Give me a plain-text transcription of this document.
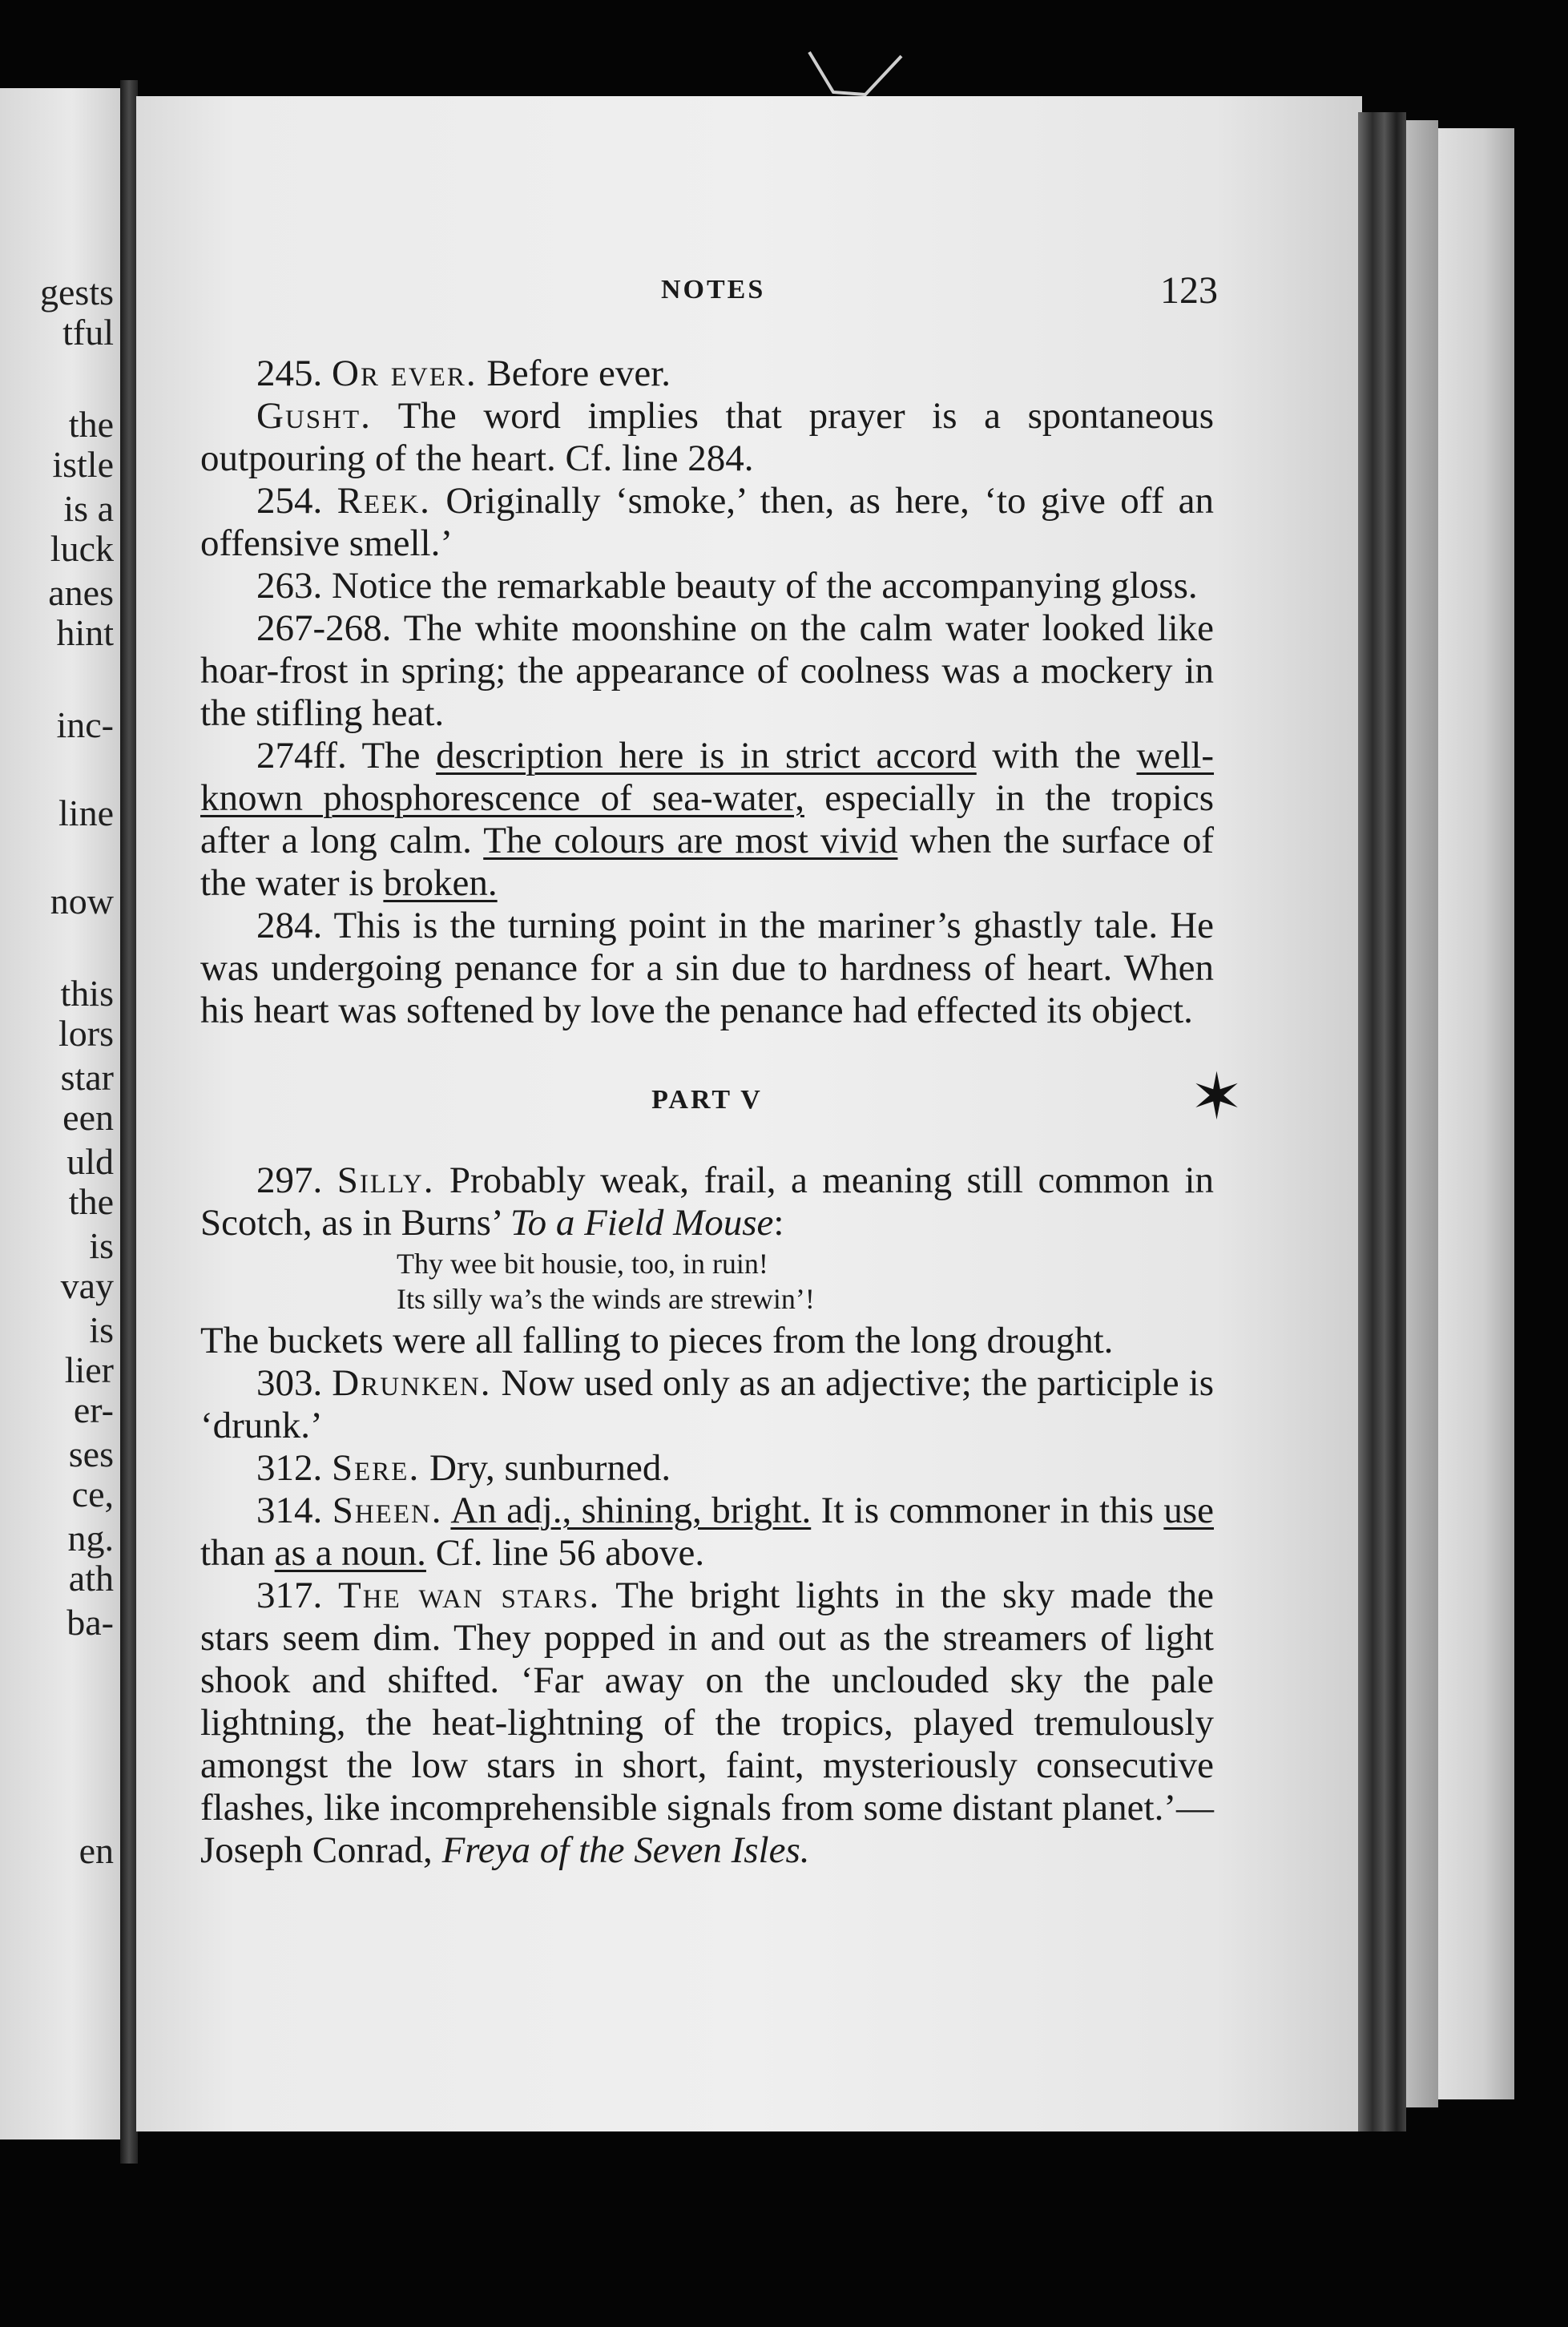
gests
tful
the
istle
is a
luck
anes
hint
inc-
line
now
this
lors
star
een
uld
the
is
vay
is
lier
er-
ses
ce,
ng.
ath
ba-
en
NOTES	123

245. Or ever. Before ever.

Gusht. The word implies that prayer is a spontaneous outpouring of the heart. Cf. line 284.

254. Reek. Originally ‘smoke,’ then, as here, ‘to give off an offensive smell.’

263. Notice the remarkable beauty of the accompanying gloss.

267-268. The white moonshine on the calm water looked like hoar-frost in spring; the appearance of coolness was a mockery in the stifling heat.

274ff. The description here is in strict accord with the well-known phosphorescence of sea-water, especially in the tropics after a long calm. The colours are most vivid when the surface of the water is broken.

284. This is the turning point in the mariner’s ghastly tale. He was undergoing penance for a sin due to hardness of heart. When his heart was softened by love the penance had effected its object.

PART V

297. Silly. Probably weak, frail, a meaning still common in Scotch, as in Burns’ To a Field Mouse:

Thy wee bit housie, too, in ruin!
Its silly wa’s the winds are strewin’!

The buckets were all falling to pieces from the long drought.

303. Drunken. Now used only as an adjective; the participle is ‘drunk.’

312. Sere. Dry, sunburned.

314. Sheen. An adj., shining, bright. It is commoner in this use than as a noun. Cf. line 56 above.

317. The wan stars. The bright lights in the sky made the stars seem dim. They popped in and out as the streamers of light shook and shifted. ‘Far away on the unclouded sky the pale lightning, the heat-lightning of the tropics, played tremulously amongst the low stars in short, faint, mysteriously consecutive flashes, like incomprehensible signals from some distant planet.’—Joseph Conrad, Freya of the Seven Isles.

✶
